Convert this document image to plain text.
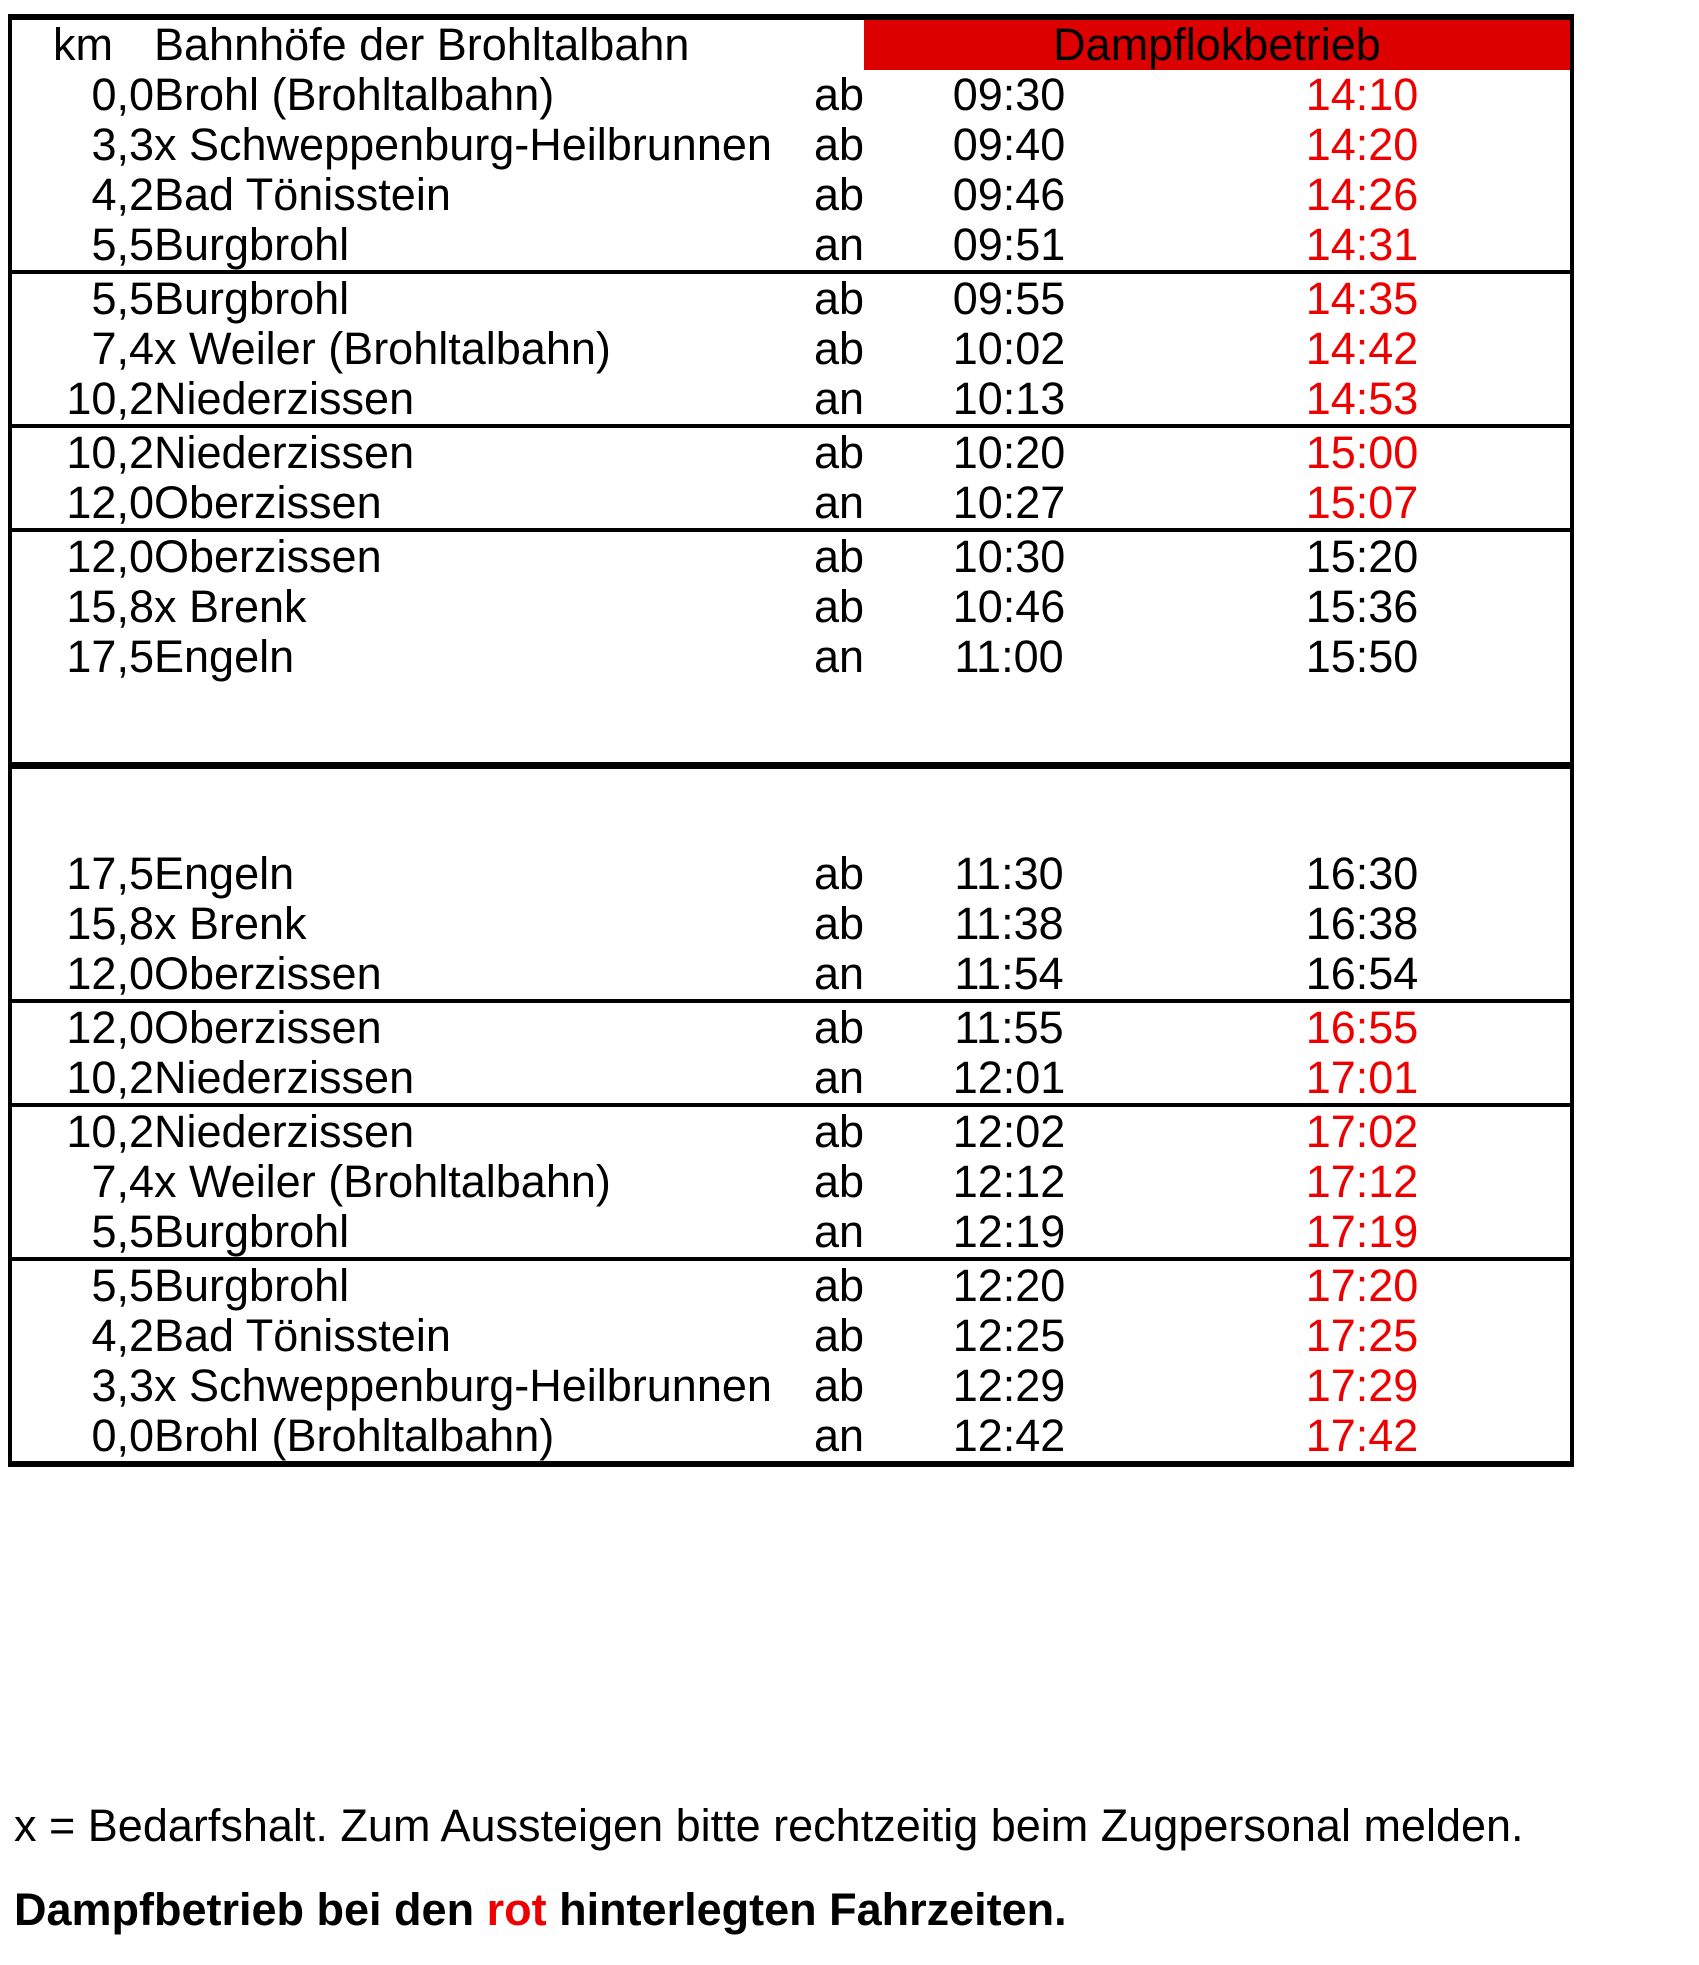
km	Bahnhöfe der Brohltalbahn		Dampflokbetrieb	
0,0	Brohl (Brohltalbahn)	ab	09:30	14:10
3,3	x Schweppenburg-Heilbrunnen	ab	09:40	14:20
4,2	Bad Tönisstein	ab	09:46	14:26
5,5	Burgbrohl	an	09:51	14:31
5,5	Burgbrohl	ab	09:55	14:35
7,4	x Weiler (Brohltalbahn)	ab	10:02	14:42
10,2	Niederzissen	an	10:13	14:53
10,2	Niederzissen	ab	10:20	15:00
12,0	Oberzissen	an	10:27	15:07
12,0	Oberzissen	ab	10:30	15:20
15,8	x Brenk	ab	10:46	15:36
17,5	Engeln	an	11:00	15:50

17,5	Engeln	ab	11:30	16:30
15,8	x Brenk	ab	11:38	16:38
12,0	Oberzissen	an	11:54	16:54
12,0	Oberzissen	ab	11:55	16:55
10,2	Niederzissen	an	12:01	17:01
10,2	Niederzissen	ab	12:02	17:02
7,4	x Weiler (Brohltalbahn)	ab	12:12	17:12
5,5	Burgbrohl	an	12:19	17:19
5,5	Burgbrohl	ab	12:20	17:20
4,2	Bad Tönisstein	ab	12:25	17:25
3,3	x Schweppenburg-Heilbrunnen	ab	12:29	17:29
0,0	Brohl (Brohltalbahn)	an	12:42	17:42
x = Bedarfshalt. Zum Aussteigen bitte rechtzeitig beim Zugpersonal melden.
Dampfbetrieb bei den rot hinterlegten Fahrzeiten.
